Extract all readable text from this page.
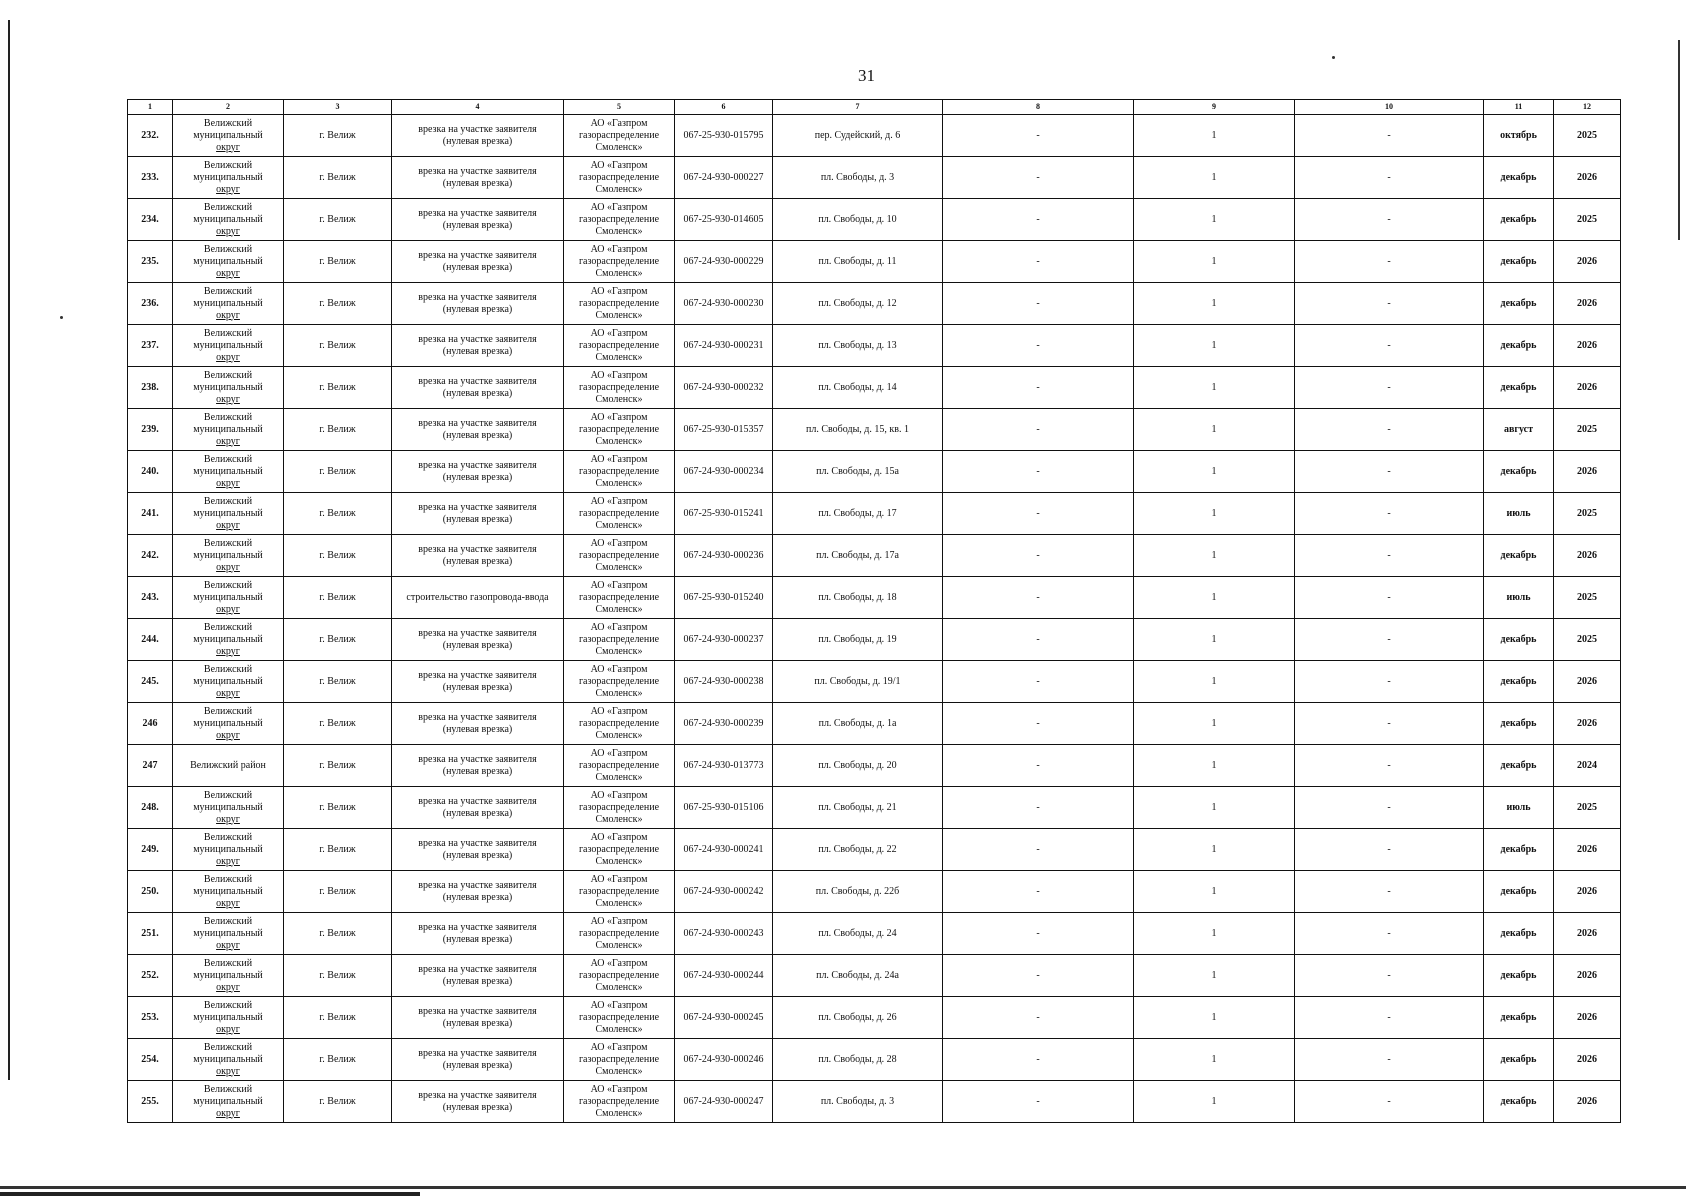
31
1	2	3	4	5	6	7	8	9	10	11	12
232.	Велижский
муниципальный
округ	г. Велиж	врезка на участке заявителя
(нулевая врезка)	АО «Газпром
газораспределение
Смоленск»	067-25-930-015795	пер. Судейский, д. 6	-	1	-	октябрь	2025
233.	Велижский
муниципальный
округ	г. Велиж	врезка на участке заявителя
(нулевая врезка)	АО «Газпром
газораспределение
Смоленск»	067-24-930-000227	пл. Свободы, д. 3	-	1	-	декабрь	2026
234.	Велижский
муниципальный
округ	г. Велиж	врезка на участке заявителя
(нулевая врезка)	АО «Газпром
газораспределение
Смоленск»	067-25-930-014605	пл. Свободы, д. 10	-	1	-	декабрь	2025
235.	Велижский
муниципальный
округ	г. Велиж	врезка на участке заявителя
(нулевая врезка)	АО «Газпром
газораспределение
Смоленск»	067-24-930-000229	пл. Свободы, д. 11	-	1	-	декабрь	2026
236.	Велижский
муниципальный
округ	г. Велиж	врезка на участке заявителя
(нулевая врезка)	АО «Газпром
газораспределение
Смоленск»	067-24-930-000230	пл. Свободы, д. 12	-	1	-	декабрь	2026
237.	Велижский
муниципальный
округ	г. Велиж	врезка на участке заявителя
(нулевая врезка)	АО «Газпром
газораспределение
Смоленск»	067-24-930-000231	пл. Свободы, д. 13	-	1	-	декабрь	2026
238.	Велижский
муниципальный
округ	г. Велиж	врезка на участке заявителя
(нулевая врезка)	АО «Газпром
газораспределение
Смоленск»	067-24-930-000232	пл. Свободы, д. 14	-	1	-	декабрь	2026
239.	Велижский
муниципальный
округ	г. Велиж	врезка на участке заявителя
(нулевая врезка)	АО «Газпром
газораспределение
Смоленск»	067-25-930-015357	пл. Свободы, д. 15, кв. 1	-	1	-	август	2025
240.	Велижский
муниципальный
округ	г. Велиж	врезка на участке заявителя
(нулевая врезка)	АО «Газпром
газораспределение
Смоленск»	067-24-930-000234	пл. Свободы, д. 15а	-	1	-	декабрь	2026
241.	Велижский
муниципальный
округ	г. Велиж	врезка на участке заявителя
(нулевая врезка)	АО «Газпром
газораспределение
Смоленск»	067-25-930-015241	пл. Свободы, д. 17	-	1	-	июль	2025
242.	Велижский
муниципальный
округ	г. Велиж	врезка на участке заявителя
(нулевая врезка)	АО «Газпром
газораспределение
Смоленск»	067-24-930-000236	пл. Свободы, д. 17а	-	1	-	декабрь	2026
243.	Велижский
муниципальный
округ	г. Велиж	строительство газопровода-ввода	АО «Газпром
газораспределение
Смоленск»	067-25-930-015240	пл. Свободы, д. 18	-	1	-	июль	2025
244.	Велижский
муниципальный
округ	г. Велиж	врезка на участке заявителя
(нулевая врезка)	АО «Газпром
газораспределение
Смоленск»	067-24-930-000237	пл. Свободы, д. 19	-	1	-	декабрь	2025
245.	Велижский
муниципальный
округ	г. Велиж	врезка на участке заявителя
(нулевая врезка)	АО «Газпром
газораспределение
Смоленск»	067-24-930-000238	пл. Свободы, д. 19/1	-	1	-	декабрь	2026
246	Велижский
муниципальный
округ	г. Велиж	врезка на участке заявителя
(нулевая врезка)	АО «Газпром
газораспределение
Смоленск»	067-24-930-000239	пл. Свободы, д. 1а	-	1	-	декабрь	2026
247	Велижский район	г. Велиж	врезка на участке заявителя
(нулевая врезка)	АО «Газпром
газораспределение
Смоленск»	067-24-930-013773	пл. Свободы, д. 20	-	1	-	декабрь	2024
248.	Велижский
муниципальный
округ	г. Велиж	врезка на участке заявителя
(нулевая врезка)	АО «Газпром
газораспределение
Смоленск»	067-25-930-015106	пл. Свободы, д. 21	-	1	-	июль	2025
249.	Велижский
муниципальный
округ	г. Велиж	врезка на участке заявителя
(нулевая врезка)	АО «Газпром
газораспределение
Смоленск»	067-24-930-000241	пл. Свободы, д. 22	-	1	-	декабрь	2026
250.	Велижский
муниципальный
округ	г. Велиж	врезка на участке заявителя
(нулевая врезка)	АО «Газпром
газораспределение
Смоленск»	067-24-930-000242	пл. Свободы, д. 22б	-	1	-	декабрь	2026
251.	Велижский
муниципальный
округ	г. Велиж	врезка на участке заявителя
(нулевая врезка)	АО «Газпром
газораспределение
Смоленск»	067-24-930-000243	пл. Свободы, д. 24	-	1	-	декабрь	2026
252.	Велижский
муниципальный
округ	г. Велиж	врезка на участке заявителя
(нулевая врезка)	АО «Газпром
газораспределение
Смоленск»	067-24-930-000244	пл. Свободы, д. 24а	-	1	-	декабрь	2026
253.	Велижский
муниципальный
округ	г. Велиж	врезка на участке заявителя
(нулевая врезка)	АО «Газпром
газораспределение
Смоленск»	067-24-930-000245	пл. Свободы, д. 26	-	1	-	декабрь	2026
254.	Велижский
муниципальный
округ	г. Велиж	врезка на участке заявителя
(нулевая врезка)	АО «Газпром
газораспределение
Смоленск»	067-24-930-000246	пл. Свободы, д. 28	-	1	-	декабрь	2026
255.	Велижский
муниципальный
округ	г. Велиж	врезка на участке заявителя
(нулевая врезка)	АО «Газпром
газораспределение
Смоленск»	067-24-930-000247	пл. Свободы, д. 3	-	1	-	декабрь	2026
